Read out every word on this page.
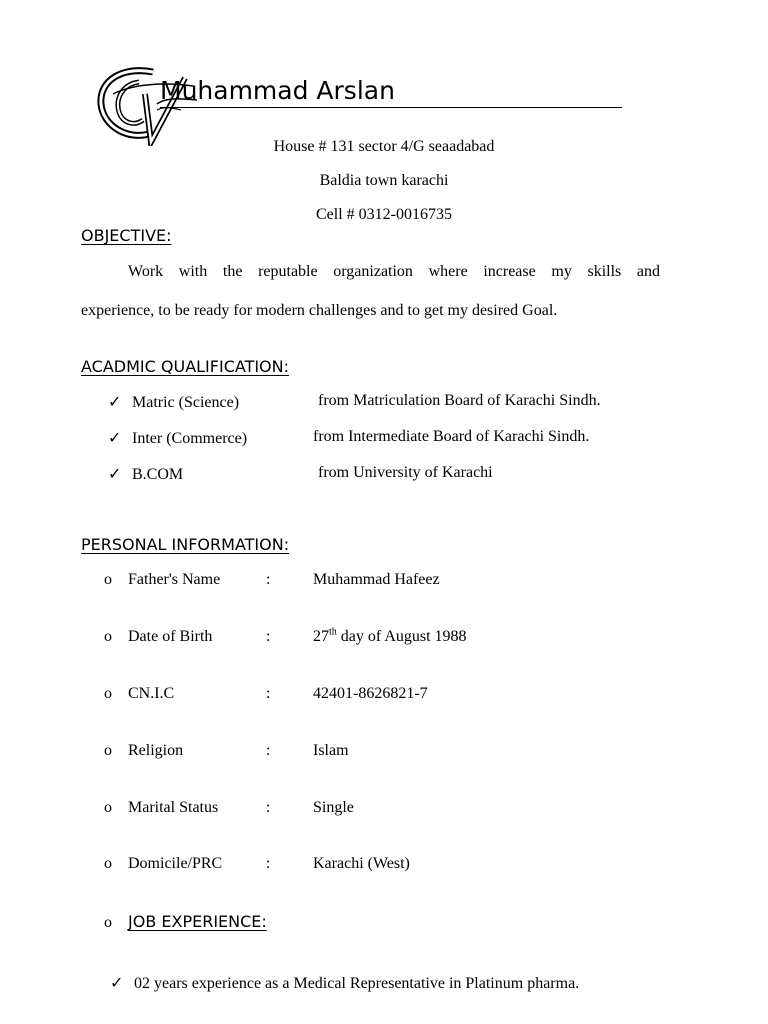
Muhammad Arslan
House # 131 sector 4/G seaadabad
Baldia town karachi
Cell # 0312-0016735
OBJECTIVE:
Work with the reputable organization where increase my skills and
experience, to be ready for modern challenges and to get my desired Goal.
ACADMIC QUALIFICATION:
✓ Matric (Science)	from Matriculation Board of Karachi Sindh.
✓ Inter (Commerce)	from Intermediate Board of Karachi Sindh.
✓ B.COM	from University of Karachi
PERSONAL INFORMATION:
o Father's Name	:	Muhammad Hafeez
o Date of Birth	:	27th day of August 1988
o CN.I.C	:	42401-8626821-7
o Religion	:	Islam
o Marital Status	:	Single
o Domicile/PRC	:	Karachi (West)
o JOB EXPERIENCE:
✓ 02 years experience as a Medical Representative in Platinum pharma.
